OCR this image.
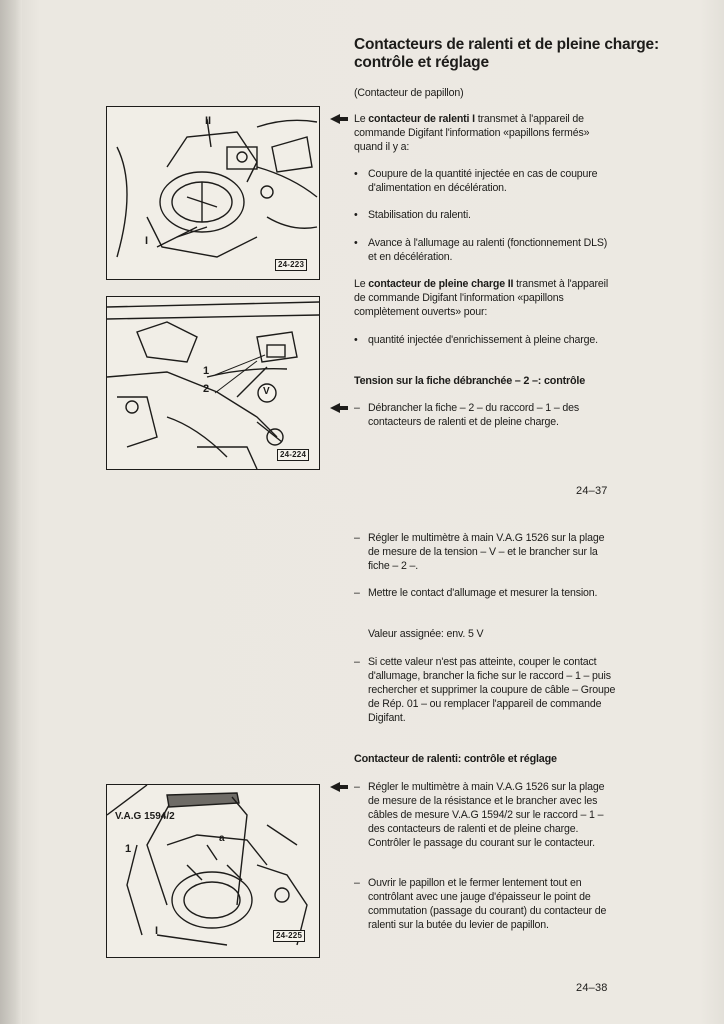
Contacteurs de ralenti et de pleine charge: contrôle et réglage
(Contacteur de papillon)
Le contacteur de ralenti I transmet à l'appareil de commande Digifant l'information «papillons fermés» quand il y a:
• Coupure de la quantité injectée en cas de coupure d'alimentation en décélération.
• Stabilisation du ralenti.
• Avance à l'allumage au ralenti (fonctionnement DLS) et en décélération.
Le contacteur de pleine charge II transmet à l'appareil de commande Digifant l'information «papillons complètement ouverts» pour:
• quantité injectée d'enrichissement à pleine charge.
Tension sur la fiche débranchée – 2 –: contrôle
– Débrancher la fiche – 2 – du raccord – 1 – des contacteurs de ralenti et de pleine charge.
24–37
– Régler le multimètre à main V.A.G 1526 sur la plage de mesure de la tension – V – et le brancher sur la fiche – 2 –.
– Mettre le contact d'allumage et mesurer la tension.
Valeur assignée: env. 5 V
– Si cette valeur n'est pas atteinte, couper le contact d'allumage, brancher la fiche sur le raccord – 1 – puis rechercher et supprimer la coupure de câble – Groupe de Rép. 01 – ou remplacer l'appareil de commande Digifant.
Contacteur de ralenti: contrôle et réglage
– Régler le multimètre à main V.A.G 1526 sur la plage de mesure de la résistance et le brancher avec les câbles de mesure V.A.G 1594/2 sur le raccord – 1 – des contacteurs de ralenti et de pleine charge. Contrôler le passage du courant sur le contacteur.
– Ouvrir le papillon et le fermer lentement tout en contrôlant avec une jauge d'épaisseur le point de commutation (passage du courant) du contacteur de ralenti sur la butée du levier de papillon.
24–38
II
I
24-223
1
2	V
24-224
V.A.G 1594/2
1
a
I	24-225
